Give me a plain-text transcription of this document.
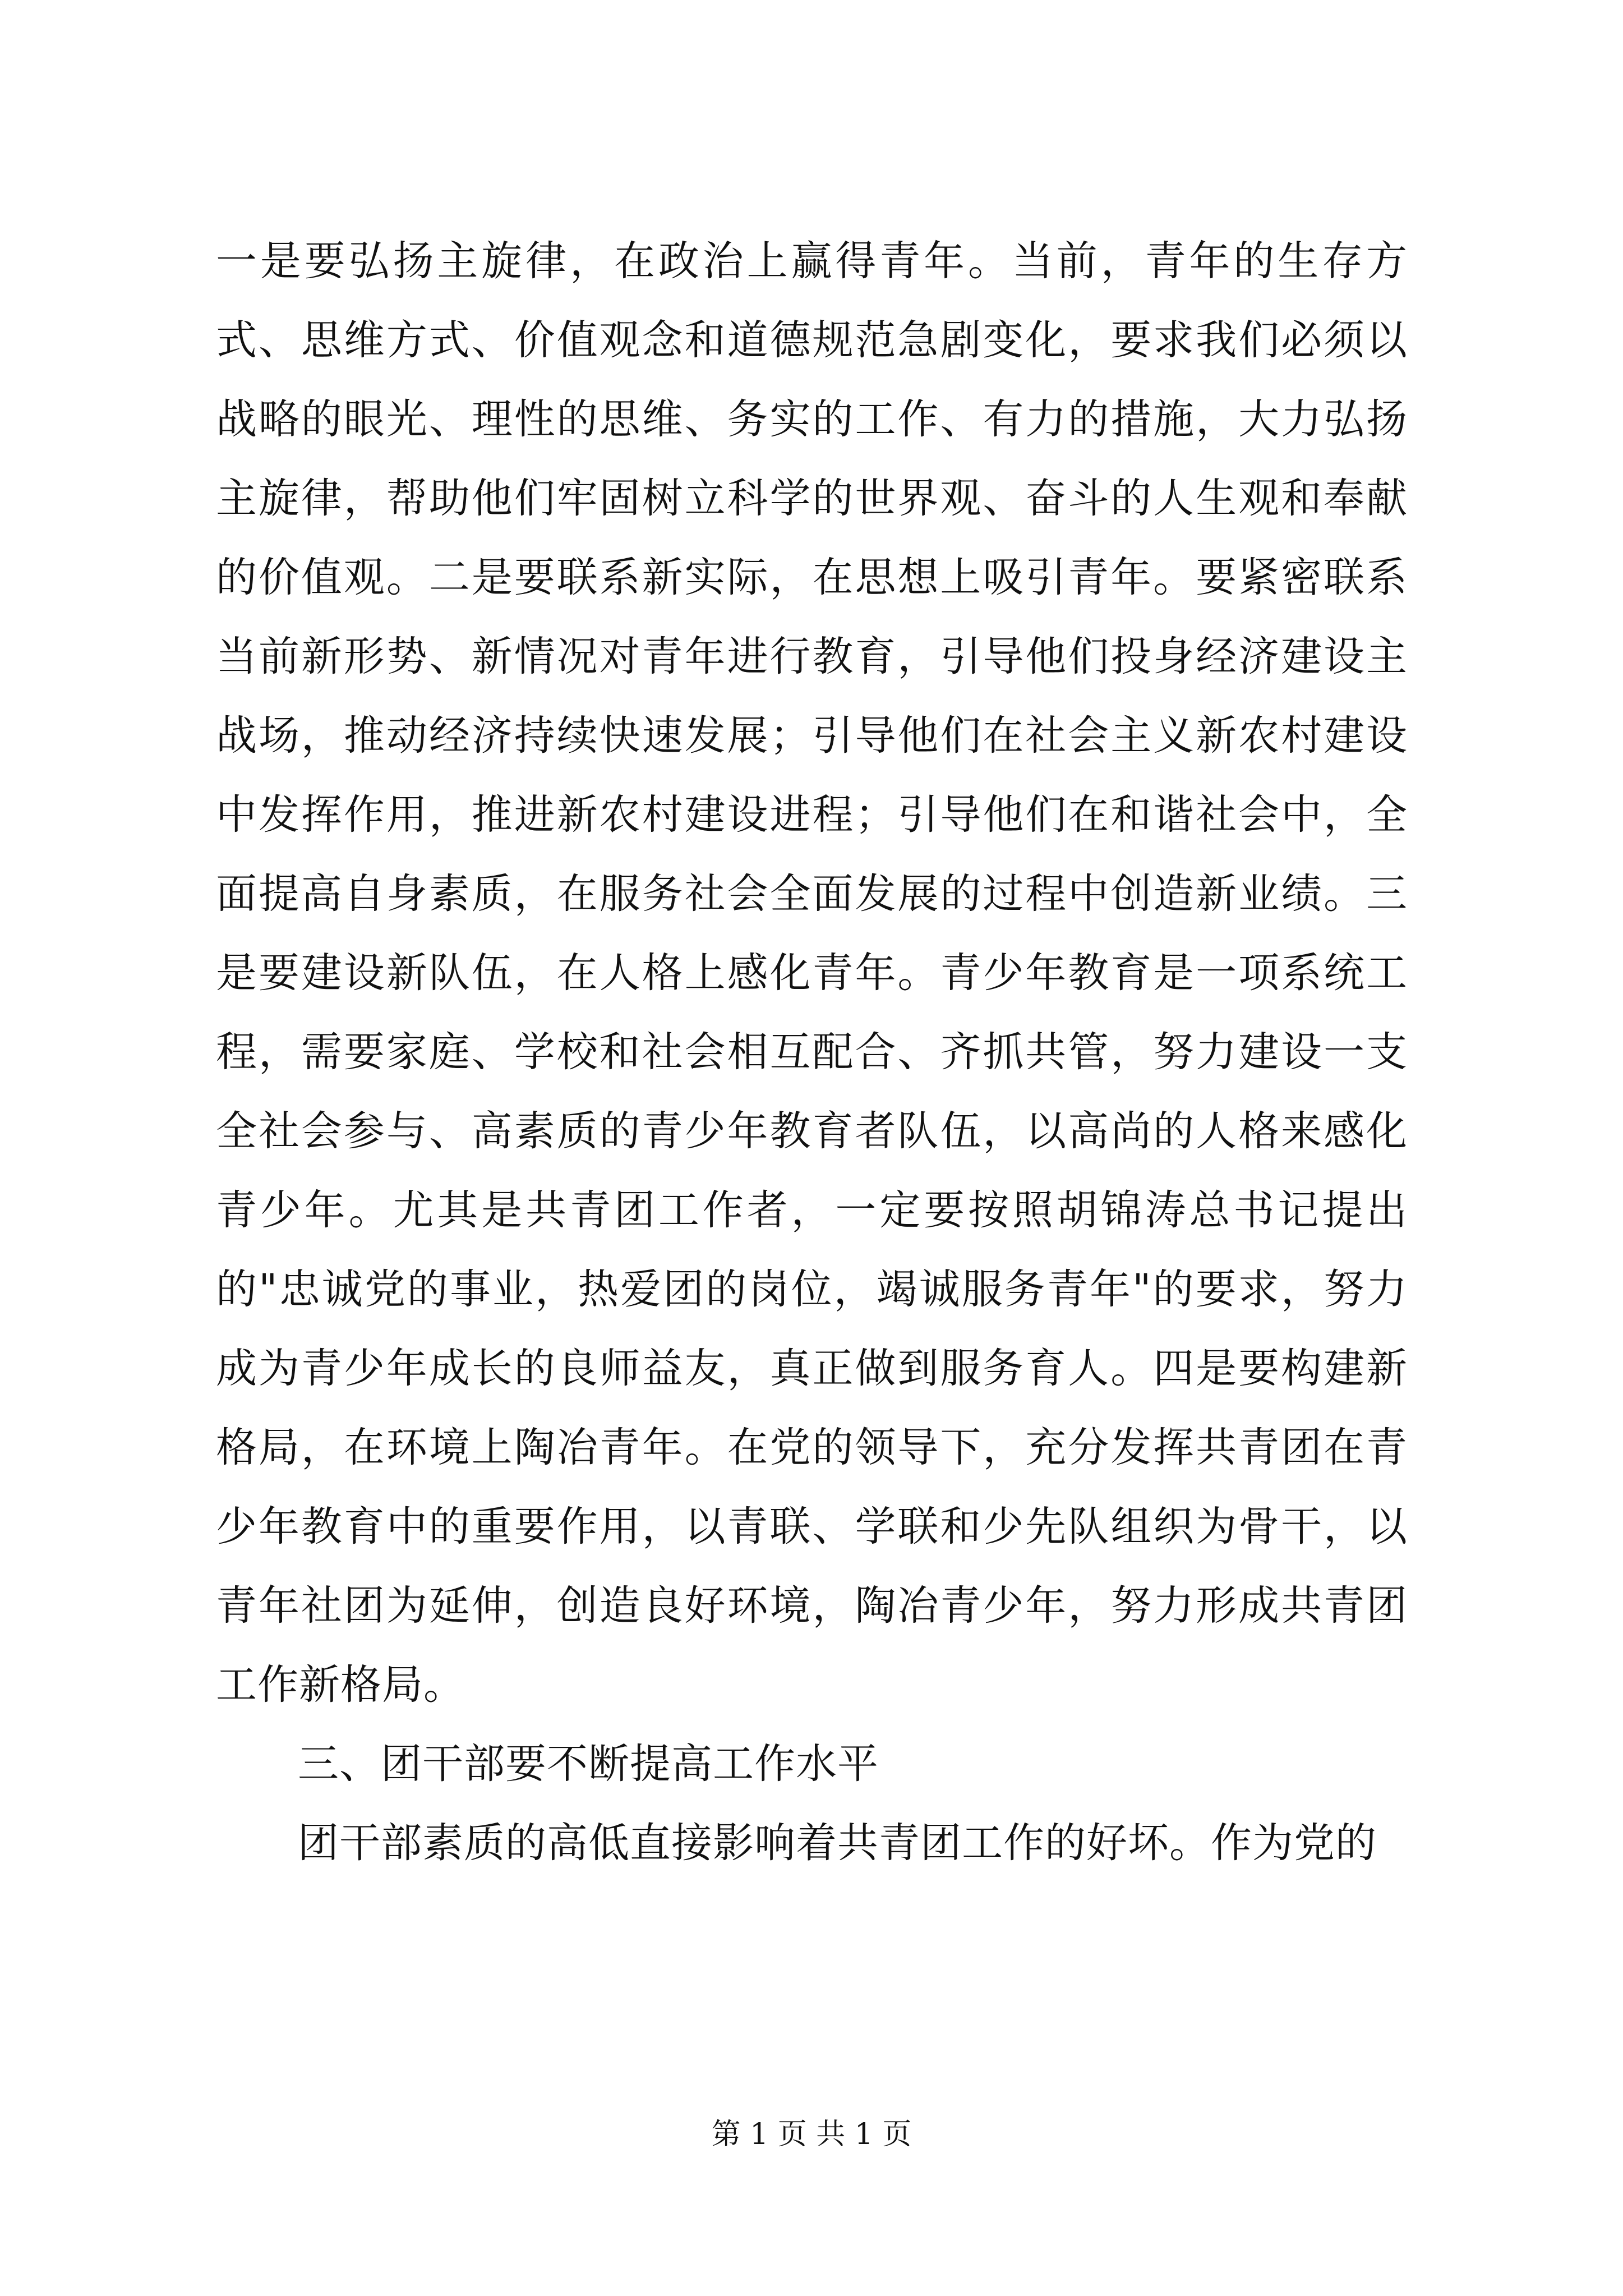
一是要弘扬主旋律，在政治上赢得青年。当前，青年的生存方式、思维方式、价值观念和道德规范急剧变化，要求我们必须以战略的眼光、理性的思维、务实的工作、有力的措施，大力弘扬主旋律，帮助他们牢固树立科学的世界观、奋斗的人生观和奉献的价值观。二是要联系新实际，在思想上吸引青年。要紧密联系当前新形势、新情况对青年进行教育，引导他们投身经济建设主战场，推动经济持续快速发展；引导他们在社会主义新农村建设中发挥作用，推进新农村建设进程；引导他们在和谐社会中，全面提高自身素质，在服务社会全面发展的过程中创造新业绩。三是要建设新队伍，在人格上感化青年。青少年教育是一项系统工程，需要家庭、学校和社会相互配合、齐抓共管，努力建设一支全社会参与、高素质的青少年教育者队伍，以高尚的人格来感化青少年。尤其是共青团工作者，一定要按照胡锦涛总书记提出的"忠诚党的事业，热爱团的岗位，竭诚服务青年"的要求，努力成为青少年成长的良师益友，真正做到服务育人。四是要构建新格局，在环境上陶冶青年。在党的领导下，充分发挥共青团在青少年教育中的重要作用，以青联、学联和少先队组织为骨干，以青年社团为延伸，创造良好环境，陶冶青少年，努力形成共青团工作新格局。

三、团干部要不断提高工作水平

团干部素质的高低直接影响着共青团工作的好坏。作为党的

第 1 页 共 1 页
